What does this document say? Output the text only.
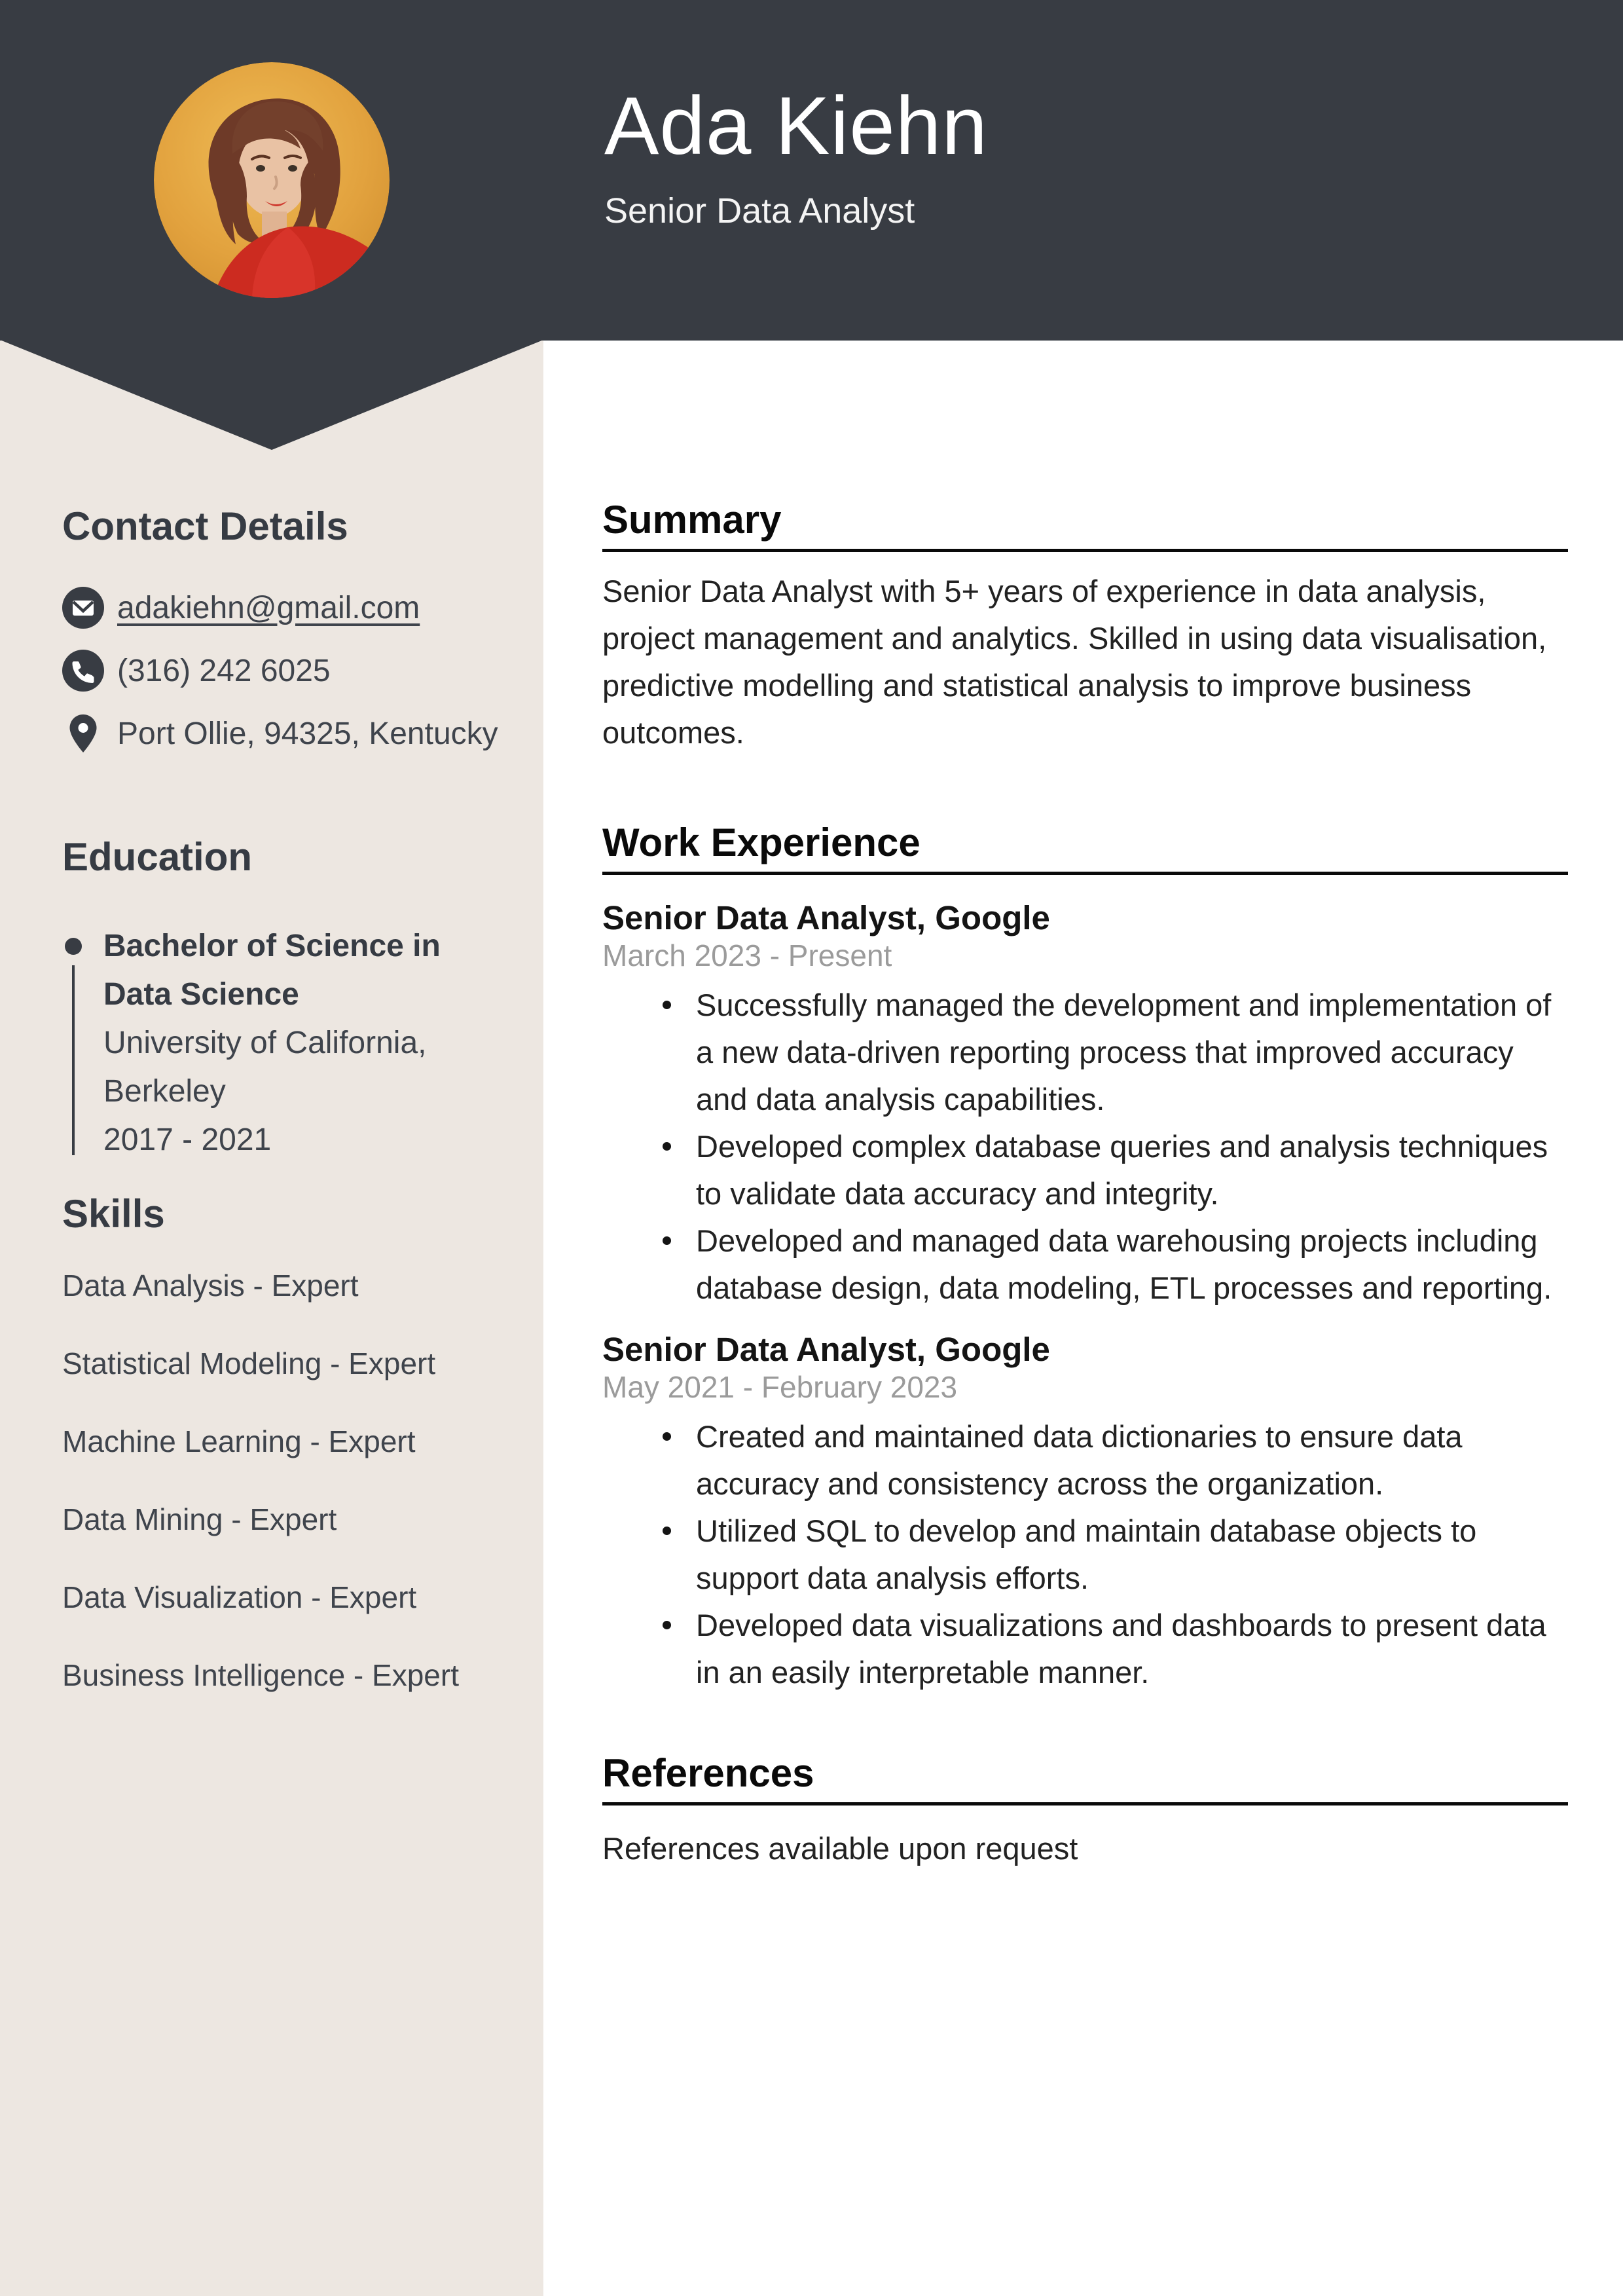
Ada Kiehn
Senior Data Analyst
Contact Details
adakiehn@gmail.com
(316) 242 6025
Port Ollie, 94325, Kentucky
Education
Bachelor of Science in Data Science
University of California, Berkeley
2017 - 2021
Skills
Data Analysis - Expert
Statistical Modeling - Expert
Machine Learning - Expert
Data Mining - Expert
Data Visualization - Expert
Business Intelligence - Expert
Summary
Senior Data Analyst with 5+ years of experience in data analysis, project management and analytics. Skilled in using data visualisation, predictive modelling and statistical analysis to improve business outcomes.
Work Experience
Senior Data Analyst, Google
March 2023 - Present
Successfully managed the development and implementation of a new data-driven reporting process that improved accuracy and data analysis capabilities.
Developed complex database queries and analysis techniques to validate data accuracy and integrity.
Developed and managed data warehousing projects including database design, data modeling, ETL processes and reporting.
Senior Data Analyst, Google
May 2021 - February 2023
Created and maintained data dictionaries to ensure data accuracy and consistency across the organization.
Utilized SQL to develop and maintain database objects to support data analysis efforts.
Developed data visualizations and dashboards to present data in an easily interpretable manner.
References
References available upon request
